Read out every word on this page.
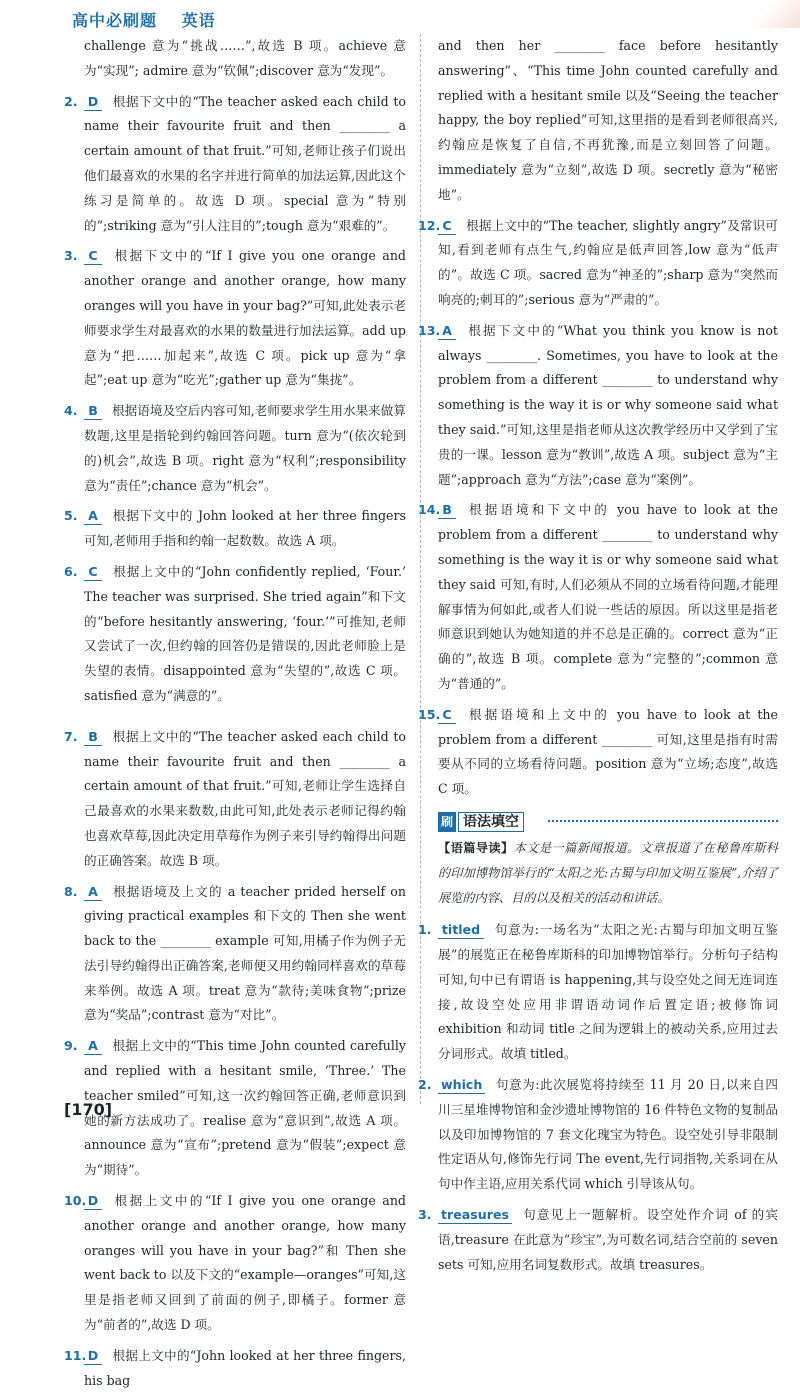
高中必刷题 英语

challenge 意为“挑战……”,故选 B 项。achieve 意为“实现”; admire 意为“钦佩”;discover 意为“发现”。

2. D 根据下文中的“The teacher asked each child to name their favourite fruit and then ________ a certain amount of that fruit.”可知,老师让孩子们说出他们最喜欢的水果的名字并进行简单的加法运算,因此这个练习是简单的。故选 D 项。special 意为“特别的”;striking 意为“引人注目的”;tough 意为“艰难的”。

3. C 根据下文中的“If I give you one orange and another orange and another orange, how many oranges will you have in your bag?”可知,此处表示老师要求学生对最喜欢的水果的数量进行加法运算。add up 意为“把……加起来”,故选 C 项。pick up 意为“拿起”;eat up 意为“吃光”;gather up 意为“集拢”。

4. B 根据语境及空后内容可知,老师要求学生用水果来做算数题,这里是指轮到约翰回答问题。turn 意为“(依次轮到的)机会”,故选 B 项。right 意为“权利”;responsibility 意为“责任”;chance 意为“机会”。

5. A 根据下文中的 John looked at her three fingers 可知,老师用手指和约翰一起数数。故选 A 项。

6. C 根据上文中的“John confidently replied, ‘Four.’ The teacher was surprised. She tried again”和下文的“before hesitantly answering, ‘four.’”可推知,老师又尝试了一次,但约翰的回答仍是错误的,因此老师脸上是失望的表情。disappointed 意为“失望的”,故选 C 项。satisfied 意为“满意的”。

7. B 根据上文中的“The teacher asked each child to name their favourite fruit and then ________ a certain amount of that fruit.”可知,老师让学生选择自己最喜欢的水果来数数,由此可知,此处表示老师记得约翰也喜欢草莓,因此决定用草莓作为例子来引导约翰得出问题的正确答案。故选 B 项。

8. A 根据语境及上文的 a teacher prided herself on giving practical examples 和下文的 Then she went back to the ________ example 可知,用橘子作为例子无法引导约翰得出正确答案,老师便又用约翰同样喜欢的草莓来举例。故选 A 项。treat 意为“款待;美味食物”;prize 意为“奖品”;contrast 意为“对比”。

9. A 根据上文中的“This time John counted carefully and replied with a hesitant smile, ‘Three.’ The teacher smiled”可知,这一次约翰回答正确,老师意识到她的新方法成功了。realise 意为“意识到”,故选 A 项。announce 意为“宣布”;pretend 意为“假装”;expect 意为“期待”。

10. D 根据上文中的“If I give you one orange and another orange and another orange, how many oranges will you have in your bag?”和 Then she went back to 以及下文的“example—oranges”可知,这里是指老师又回到了前面的例子,即橘子。former 意为“前者的”,故选 D 项。

11. D 根据上文中的“John looked at her three fingers, his bag

and then her ________ face before hesitantly answering”、“This time John counted carefully and replied with a hesitant smile 以及“Seeing the teacher happy, the boy replied”可知,这里指的是看到老师很高兴,约翰应是恢复了自信,不再犹豫,而是立刻回答了问题。immediately 意为“立刻”,故选 D 项。secretly 意为“秘密地”。

12. C 根据上文中的“The teacher, slightly angry”及常识可知,看到老师有点生气,约翰应是低声回答,low 意为“低声的”。故选 C 项。sacred 意为“神圣的”;sharp 意为“突然而响亮的;刺耳的”;serious 意为“严肃的”。

13. A 根据下文中的“What you think you know is not always ________. Sometimes, you have to look at the problem from a different ________ to understand why something is the way it is or why someone said what they said.”可知,这里是指老师从这次教学经历中又学到了宝贵的一课。lesson 意为“教训”,故选 A 项。subject 意为“主题”;approach 意为“方法”;case 意为“案例”。

14. B 根据语境和下文中的 you have to look at the problem from a different ________ to understand why something is the way it is or why someone said what they said 可知,有时,人们必须从不同的立场看待问题,才能理解事情为何如此,或者人们说一些话的原因。所以这里是指老师意识到她认为她知道的并不总是正确的。correct 意为“正确的”,故选 B 项。complete 意为“完整的”;common 意为“普通的”。

15. C 根据语境和上文中的 you have to look at the problem from a different ________ 可知,这里是指有时需要从不同的立场看待问题。position 意为“立场;态度”,故选 C 项。

刷 语法填空
【语篇导读】本文是一篇新闻报道。文章报道了在秘鲁库斯科的印加博物馆举行的“太阳之光:古蜀与印加文明互鉴展”,介绍了展览的内容、目的以及相关的活动和讲话。
1. titled 句意为:一场名为“太阳之光:古蜀与印加文明互鉴展”的展览正在秘鲁库斯科的印加博物馆举行。分析句子结构可知,句中已有谓语 is happening,其与设空处之间无连词连接,故设空处应用非谓语动词作后置定语;被修饰词 exhibition 和动词 title 之间为逻辑上的被动关系,应用过去分词形式。故填 titled。

2. which 句意为:此次展览将持续至 11 月 20 日,以来自四川三星堆博物馆和金沙遗址博物馆的 16 件特色文物的复制品以及印加博物馆的 7 套文化瑰宝为特色。设空处引导非限制性定语从句,修饰先行词 The event,先行词指物,关系词在从句中作主语,应用关系代词 which 引导该从句。

3. treasures 句意见上一题解析。设空处作介词 of 的宾语,treasure 在此意为“珍宝”,为可数名词,结合空前的 seven sets 可知,应用名词复数形式。故填 treasures。

[170]
